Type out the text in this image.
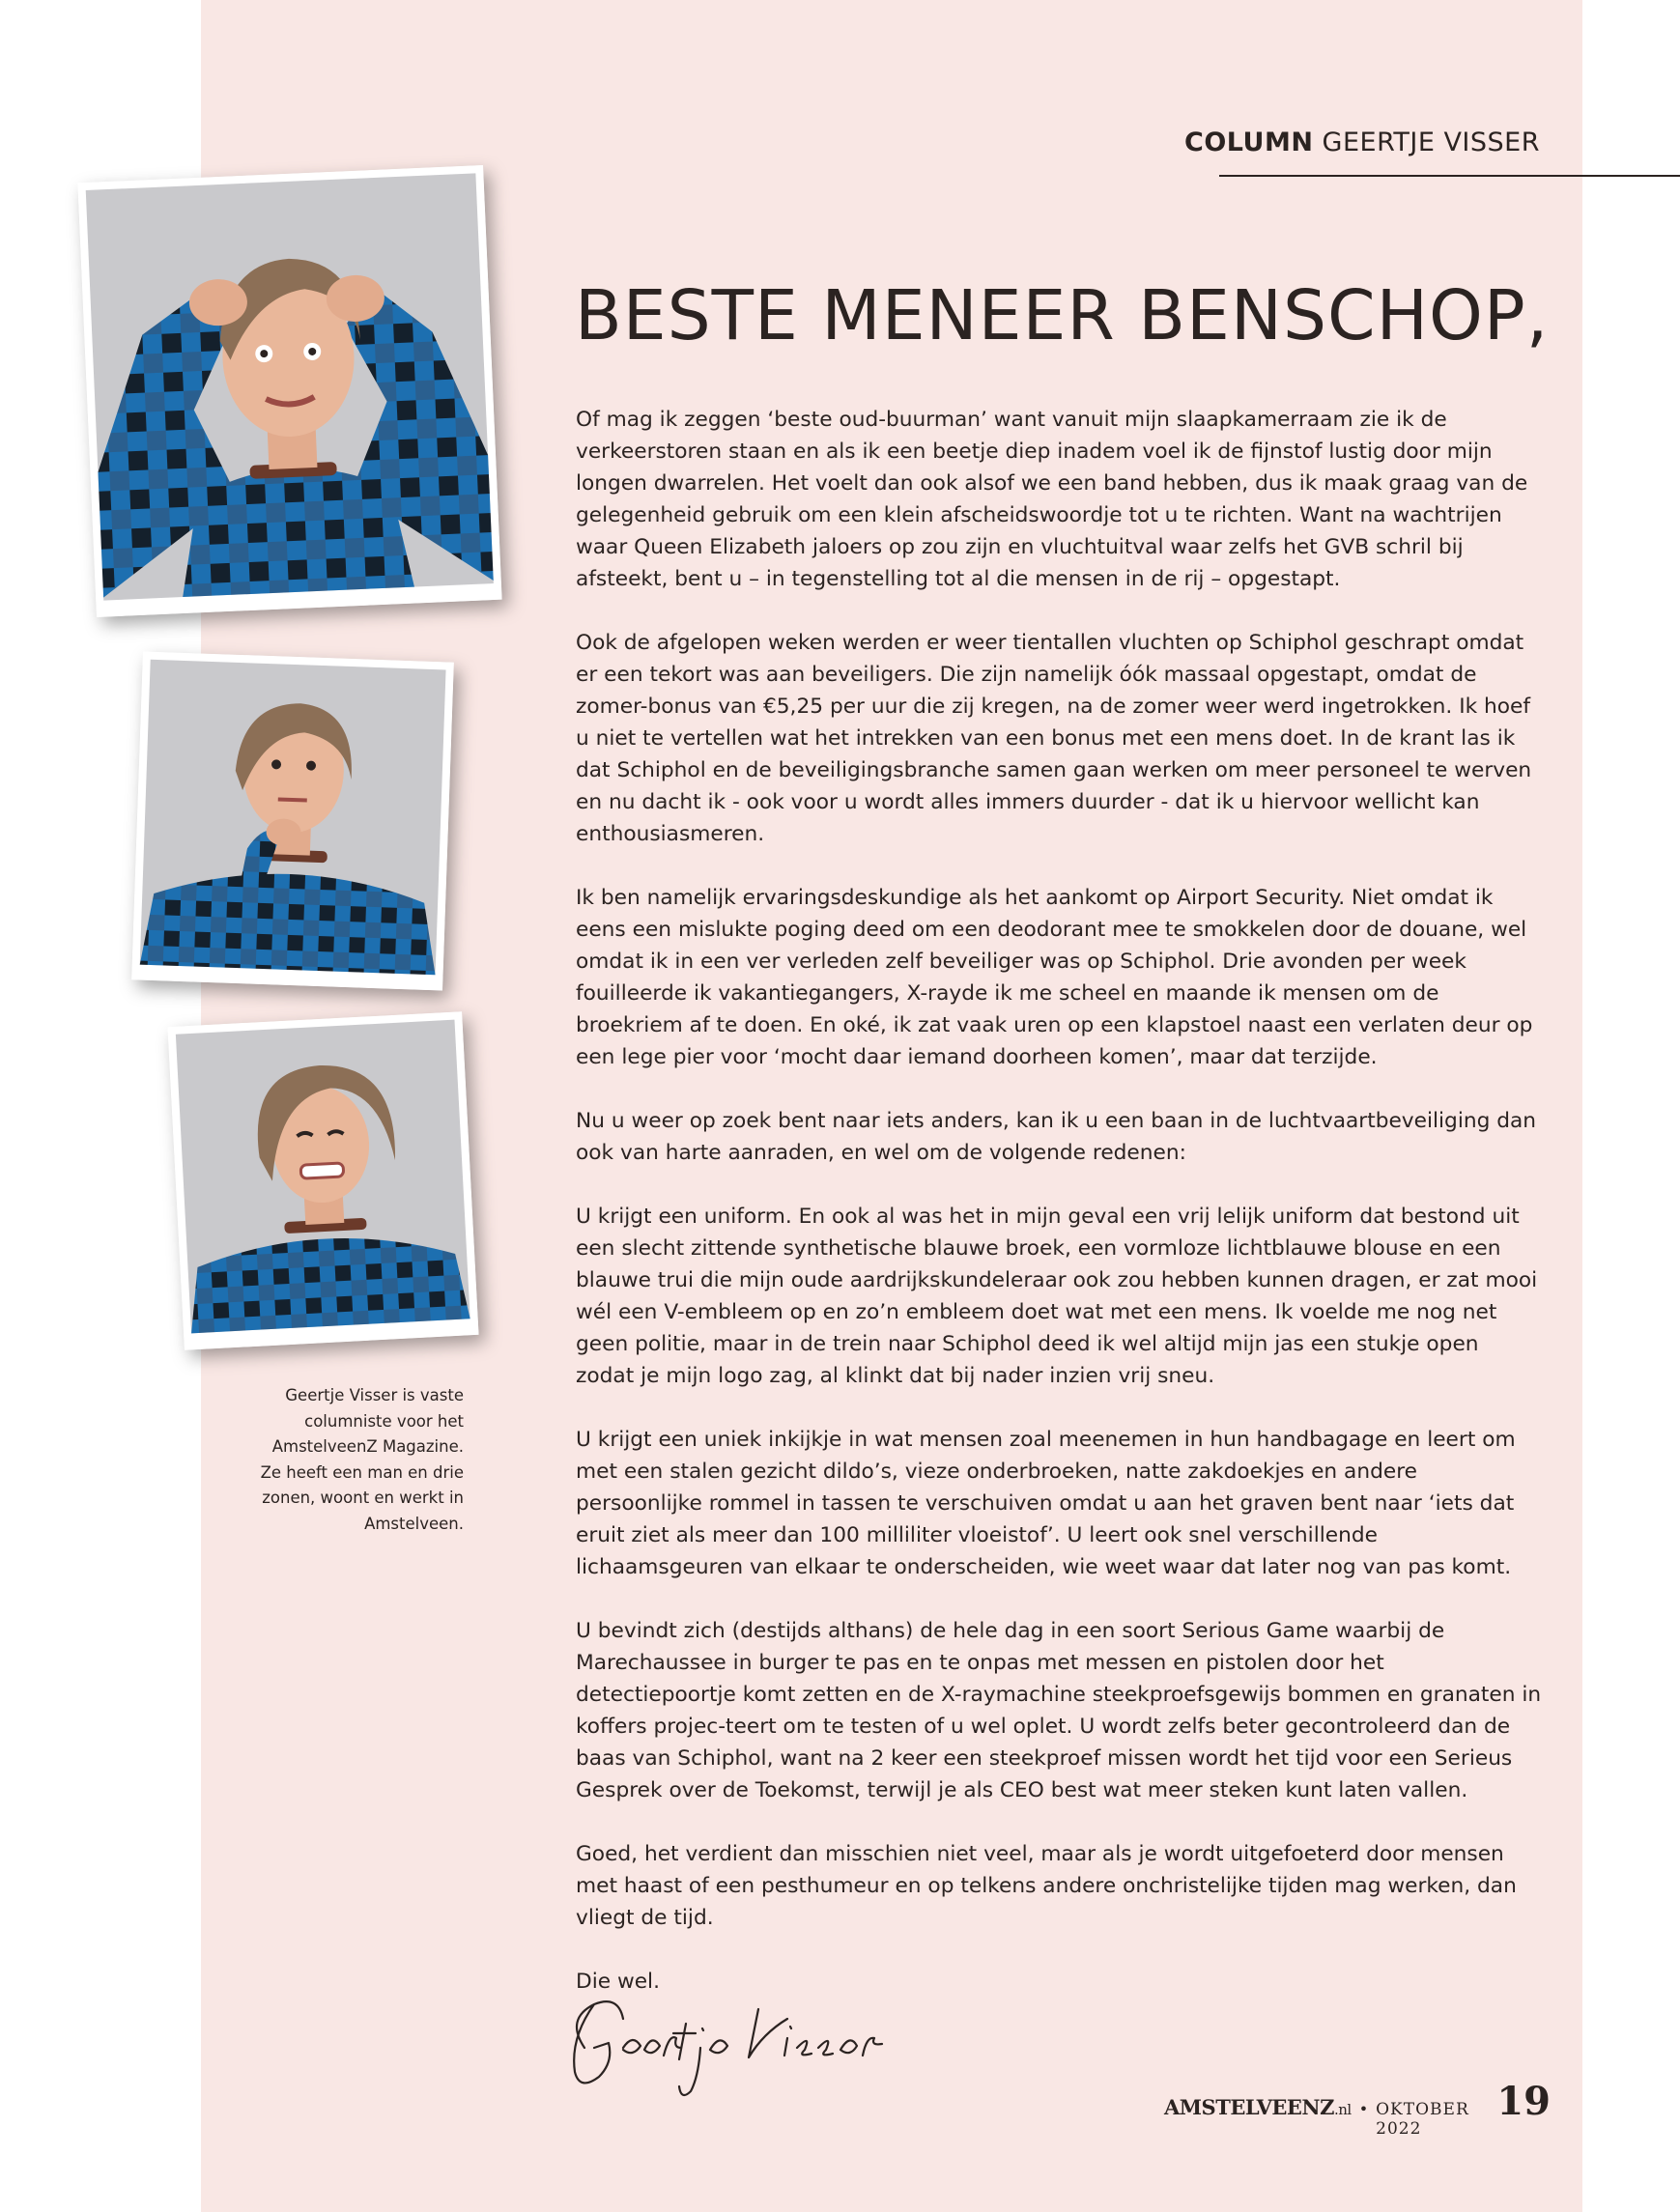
COLUMN GEERTJE VISSER
BESTE MENEER BENSCHOP,

Of mag ik zeggen ‘beste oud-buurman’ want vanuit mijn slaapkamerraam zie ik de verkeerstoren staan en als ik een beetje diep inadem voel ik de fijnstof lustig door mijn longen dwarrelen. Het voelt dan ook alsof we een band hebben, dus ik maak graag van de gelegenheid gebruik om een klein afscheidswoordje tot u te richten. Want na wachtrijen waar Queen Elizabeth jaloers op zou zijn en vluchtuitval waar zelfs het GVB schril bij afsteekt, bent u – in tegenstelling tot al die mensen in de rij – opgestapt.

Ook de afgelopen weken werden er weer tientallen vluchten op Schiphol geschrapt omdat er een tekort was aan beveiligers. Die zijn namelijk óók massaal opgestapt, omdat de zomer-bonus van €5,25 per uur die zij kregen, na de zomer weer werd ingetrokken. Ik hoef u niet te vertellen wat het intrekken van een bonus met een mens doet. In de krant las ik dat Schiphol en de beveiligingsbranche samen gaan werken om meer personeel te werven en nu dacht ik - ook voor u wordt alles immers duurder - dat ik u hiervoor wellicht kan enthousiasmeren.

Ik ben namelijk ervaringsdeskundige als het aankomt op Airport Security. Niet omdat ik eens een mislukte poging deed om een deodorant mee te smokkelen door de douane, wel omdat ik in een ver verleden zelf beveiliger was op Schiphol. Drie avonden per week fouilleerde ik vakantiegangers, X-rayde ik me scheel en maande ik mensen om de broekriem af te doen. En oké, ik zat vaak uren op een klapstoel naast een verlaten deur op een lege pier voor ‘mocht daar iemand doorheen komen’, maar dat terzijde.

Nu u weer op zoek bent naar iets anders, kan ik u een baan in de luchtvaartbeveiliging dan ook van harte aanraden, en wel om de volgende redenen:

U krijgt een uniform. En ook al was het in mijn geval een vrij lelijk uniform dat bestond uit een slecht zittende synthetische blauwe broek, een vormloze lichtblauwe blouse en een blauwe trui die mijn oude aardrijkskundeleraar ook zou hebben kunnen dragen, er zat mooi wél een V-embleem op en zo’n embleem doet wat met een mens. Ik voelde me nog net geen politie, maar in de trein naar Schiphol deed ik wel altijd mijn jas een stukje open zodat je mijn logo zag, al klinkt dat bij nader inzien vrij sneu.

U krijgt een uniek inkijkje in wat mensen zoal meenemen in hun handbagage en leert om met een stalen gezicht dildo’s, vieze onderbroeken, natte zakdoekjes en andere persoonlijke rommel in tassen te verschuiven omdat u aan het graven bent naar ‘iets dat eruit ziet als meer dan 100 milliliter vloeistof’. U leert ook snel verschillende lichaamsgeuren van elkaar te onderscheiden, wie weet waar dat later nog van pas komt.

U bevindt zich (destijds althans) de hele dag in een soort Serious Game waarbij de Marechaussee in burger te pas en te onpas met messen en pistolen door het detectiepoortje komt zetten en de X-raymachine steekproefsgewijs bommen en granaten in koffers projec-teert om te testen of u wel oplet. U wordt zelfs beter gecontroleerd dan de baas van Schiphol, want na 2 keer een steekproef missen wordt het tijd voor een Serieus Gesprek over de Toekomst, terwijl je als CEO best wat meer steken kunt laten vallen.

Goed, het verdient dan misschien niet veel, maar als je wordt uitgefoeterd door mensen met haast of een pesthumeur en op telkens andere onchristelijke tijden mag werken, dan vliegt de tijd.

Die wel.

Geertje Visser is vaste columniste voor het AmstelveenZ Magazine. Ze heeft een man en drie zonen, woont en werkt in Amstelveen.
AMSTELVEENZ.nl • OKTOBER 2022
19
